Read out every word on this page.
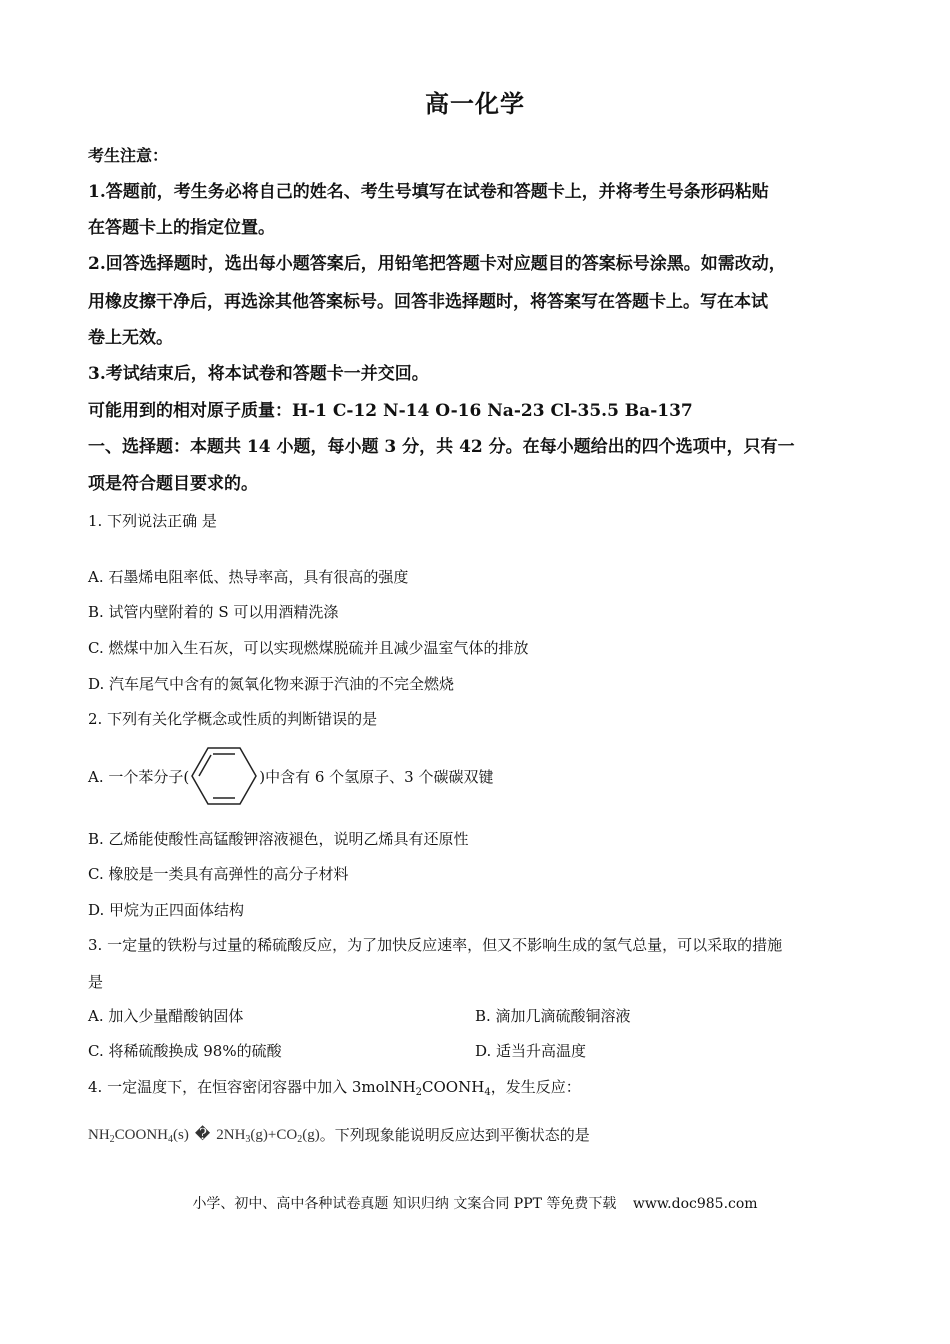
高一化学
考生注意：
1.答题前，考生务必将自己的姓名、考生号填写在试卷和答题卡上，并将考生号条形码粘贴
在答题卡上的指定位置。
2.回答选择题时，选出每小题答案后，用铅笔把答题卡对应题目的答案标号涂黑。如需改动，
用橡皮擦干净后，再选涂其他答案标号。回答非选择题时，将答案写在答题卡上。写在本试
卷上无效。
3.考试结束后，将本试卷和答题卡一并交回。
可能用到的相对原子质量：H-1 C-12 N-14 O-16 Na-23 Cl-35.5 Ba-137
一、选择题：本题共 14 小题，每小题 3 分，共 42 分。在每小题给出的四个选项中，只有一
项是符合题目要求的。
1. 下列说法正确 是
A. 石墨烯电阻率低、热导率高，具有很高的强度
B. 试管内壁附着的 S 可以用酒精洗涤
C. 燃煤中加入生石灰，可以实现燃煤脱硫并且减少温室气体的排放
D. 汽车尾气中含有的氮氧化物来源于汽油的不完全燃烧
2. 下列有关化学概念或性质的判断错误的是
A. 一个苯分子(	)中含有 6 个氢原子、3 个碳碳双键
B. 乙烯能使酸性高锰酸钾溶液褪色，说明乙烯具有还原性
C. 橡胶是一类具有高弹性的高分子材料
D. 甲烷为正四面体结构
3. 一定量的铁粉与过量的稀硫酸反应，为了加快反应速率，但又不影响生成的氢气总量，可以采取的措施
是
A. 加入少量醋酸钠固体	B. 滴加几滴硫酸铜溶液
C. 将稀硫酸换成 98%的硫酸	D. 适当升高温度
4. 一定温度下，在恒容密闭容器中加入 $3molNH_2COONH_4$，发生反应：
$NH_2COONH_4(s)$ � $2NH_3(g)+CO_2(g)$ 。下列现象能说明反应达到平衡状态的是
小学、初中、高中各种试卷真题 知识归纳 文案合同 PPT 等免费下载 www.doc985.com
